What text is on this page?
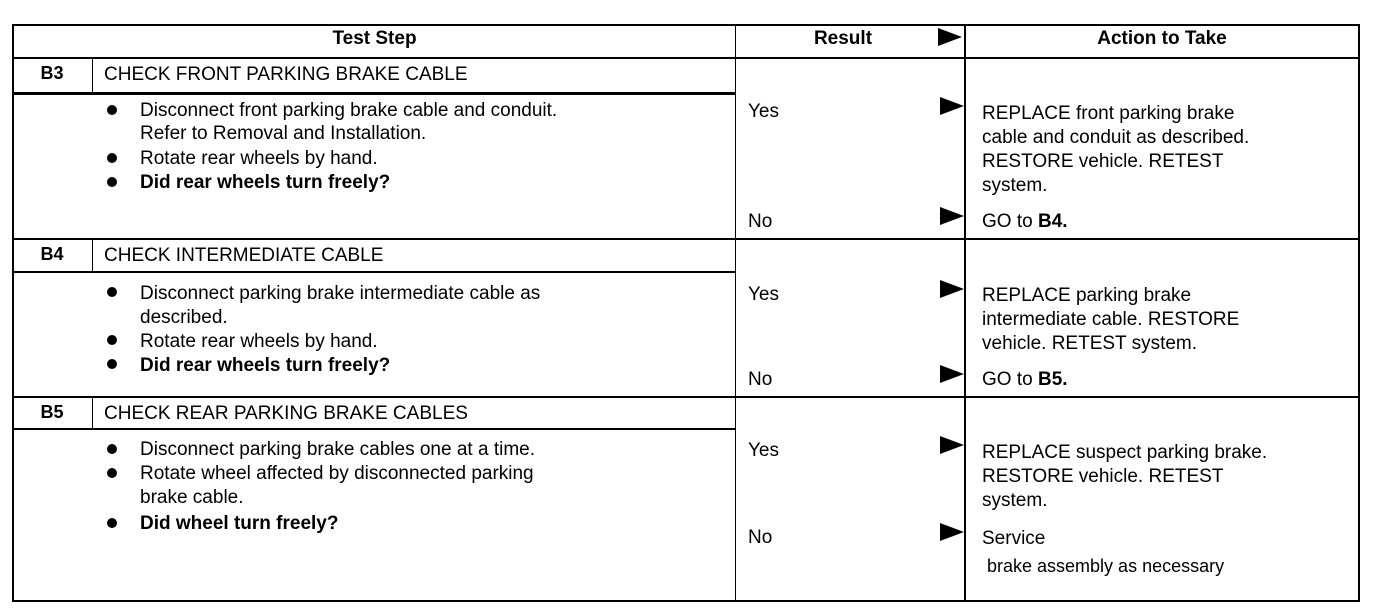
Test Step	Result	Action to Take
B3	CHECK FRONT PARKING BRAKE CABLE
Disconnect front parking brake cable and conduit.
Refer to Removal and Installation.
Rotate rear wheels by hand.
Did rear wheels turn freely?
Yes	REPLACE front parking brake
cable and conduit as described.
RESTORE vehicle. RETEST
system.
No	GO to B4.
B4	CHECK INTERMEDIATE CABLE
Disconnect parking brake intermediate cable as
described.
Rotate rear wheels by hand.
Did rear wheels turn freely?
Yes	REPLACE parking brake
intermediate cable. RESTORE
vehicle. RETEST system.
No	GO to B5.
B5	CHECK REAR PARKING BRAKE CABLES
Disconnect parking brake cables one at a time.
Rotate wheel affected by disconnected parking
brake cable.
Did wheel turn freely?
Yes	REPLACE suspect parking brake.
RESTORE vehicle. RETEST
system.
No	Service
brake assembly as necessary
